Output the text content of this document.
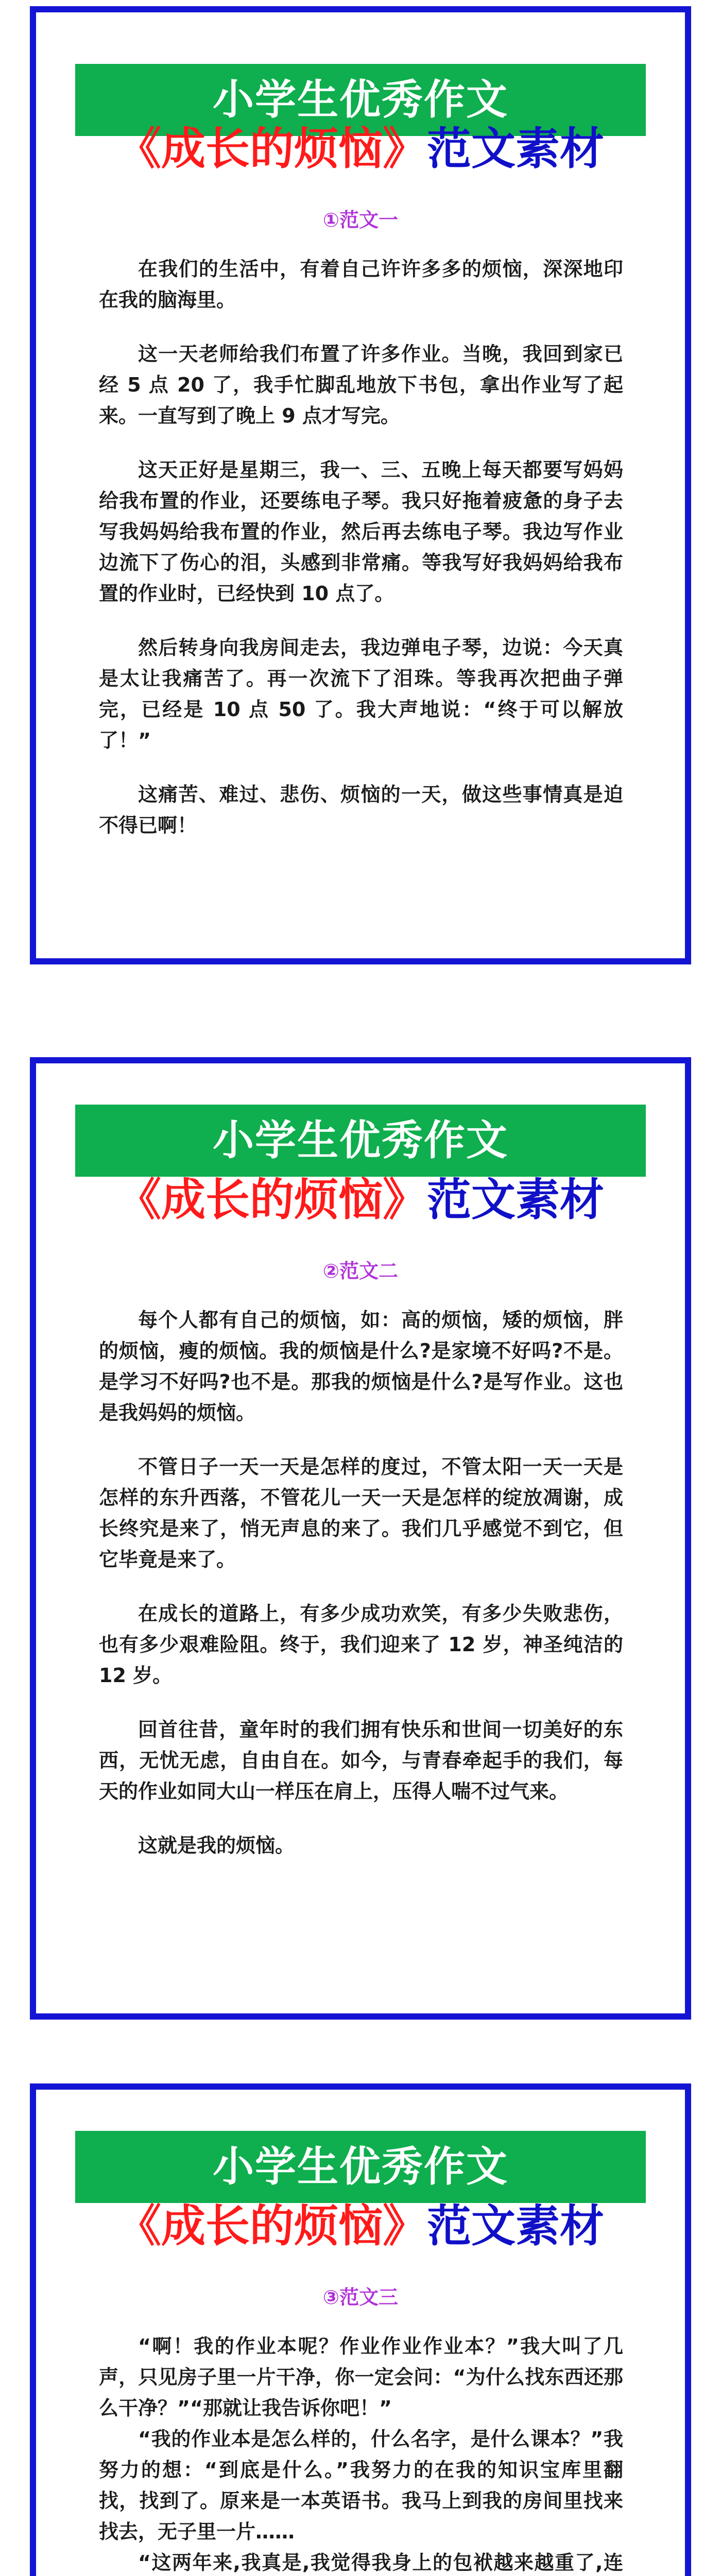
小学生优秀作文
《成长的烦恼》范文素材
①范文一

在我们的生活中，有着自己许许多多的烦恼，深深地印在我的脑海里。

这一天老师给我们布置了许多作业。当晚，我回到家已经 5 点 20 了，我手忙脚乱地放下书包，拿出作业写了起来。一直写到了晚上 9 点才写完。

这天正好是星期三，我一、三、五晚上每天都要写妈妈给我布置的作业，还要练电子琴。我只好拖着疲惫的身子去写我妈妈给我布置的作业，然后再去练电子琴。我边写作业边流下了伤心的泪，头感到非常痛。等我写好我妈妈给我布置的作业时，已经快到 10 点了。

然后转身向我房间走去，我边弹电子琴，边说：今天真是太让我痛苦了。再一次流下了泪珠。等我再次把曲子弹完，已经是 10 点 50 了。我大声地说：“终于可以解放了！”

这痛苦、难过、悲伤、烦恼的一天，做这些事情真是迫不得已啊！

小学生优秀作文
《成长的烦恼》范文素材
②范文二

每个人都有自己的烦恼，如：高的烦恼，矮的烦恼，胖的烦恼，瘦的烦恼。我的烦恼是什么?是家境不好吗?不是。是学习不好吗?也不是。那我的烦恼是什么?是写作业。这也是我妈妈的烦恼。

不管日子一天一天是怎样的度过，不管太阳一天一天是怎样的东升西落，不管花儿一天一天是怎样的绽放凋谢，成长终究是来了，悄无声息的来了。我们几乎感觉不到它，但它毕竟是来了。

在成长的道路上，有多少成功欢笑，有多少失败悲伤，也有多少艰难险阻。终于，我们迎来了 12 岁，神圣纯洁的 12 岁。

回首往昔，童年时的我们拥有快乐和世间一切美好的东西，无忧无虑，自由自在。如今，与青春牵起手的我们，每天的作业如同大山一样压在肩上，压得人喘不过气来。

这就是我的烦恼。

小学生优秀作文
《成长的烦恼》范文素材
③范文三

“啊！我的作业本呢？作业作业作业本？”我大叫了几声，只见房子里一片干净，你一定会问：“为什么找东西还那么干净？”“那就让我告诉你吧！”

“我的作业本是怎么样的，什么名字，是什么课本？”我努力的想：“到底是什么。”我努力的在我的知识宝库里翻找，找到了。原来是一本英语书。我马上到我的房间里找来找去，无子里一片……

“这两年来,我真是,我觉得我身上的包袱越来越重了,连
